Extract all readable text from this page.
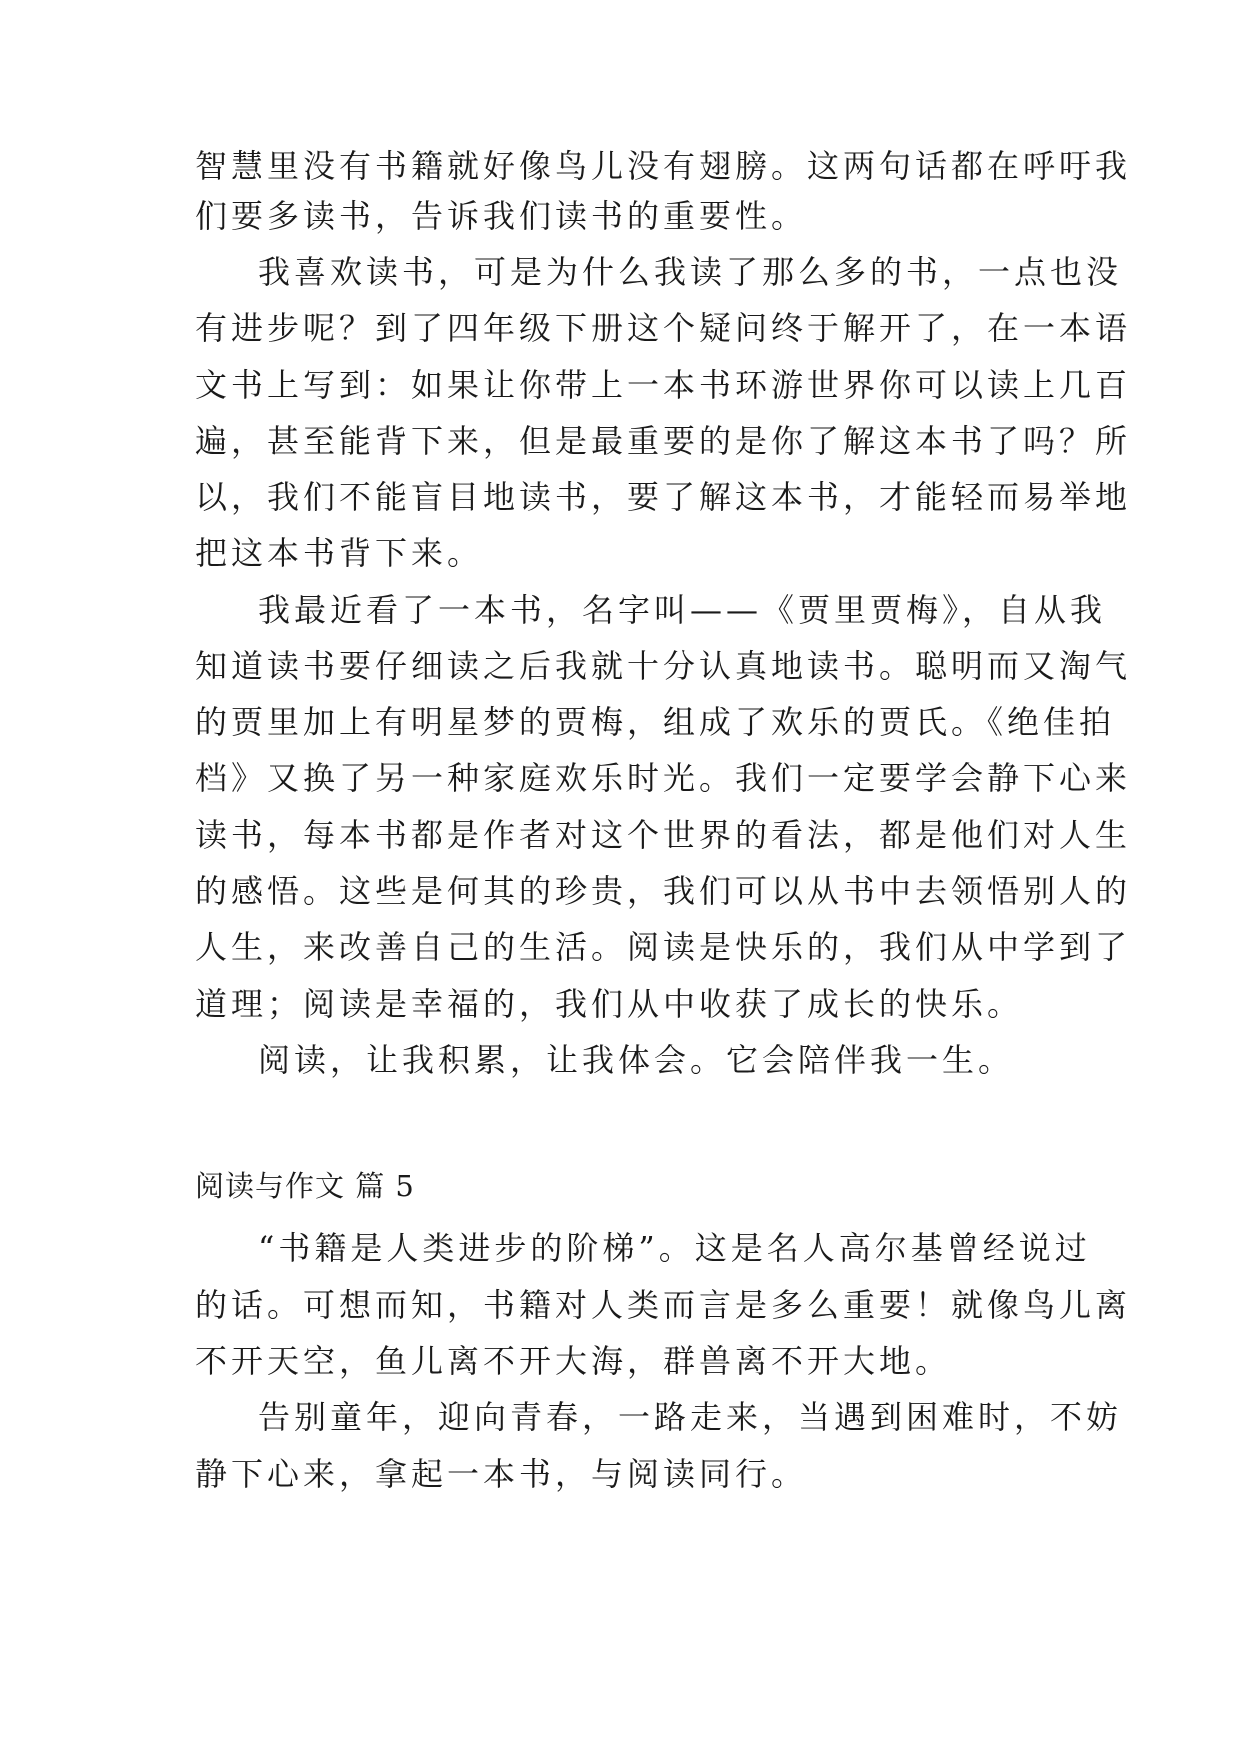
智慧里没有书籍就好像鸟儿没有翅膀。这两句话都在呼吁我
们要多读书，告诉我们读书的重要性。
我喜欢读书，可是为什么我读了那么多的书，一点也没
有进步呢？到了四年级下册这个疑问终于解开了，在一本语
文书上写到：如果让你带上一本书环游世界你可以读上几百
遍，甚至能背下来，但是最重要的是你了解这本书了吗？所
以，我们不能盲目地读书，要了解这本书，才能轻而易举地
把这本书背下来。
我最近看了一本书，名字叫——《贾里贾梅》，自从我
知道读书要仔细读之后我就十分认真地读书。聪明而又淘气
的贾里加上有明星梦的贾梅，组成了欢乐的贾氏。《绝佳拍
档》又换了另一种家庭欢乐时光。我们一定要学会静下心来
读书，每本书都是作者对这个世界的看法，都是他们对人生
的感悟。这些是何其的珍贵，我们可以从书中去领悟别人的
人生，来改善自己的生活。阅读是快乐的，我们从中学到了
道理；阅读是幸福的，我们从中收获了成长的快乐。
阅读，让我积累，让我体会。它会陪伴我一生。
阅读与作文 篇 5
“书籍是人类进步的阶梯”。这是名人高尔基曾经说过
的话。可想而知，书籍对人类而言是多么重要！就像鸟儿离
不开天空，鱼儿离不开大海，群兽离不开大地。
告别童年，迎向青春，一路走来，当遇到困难时，不妨
静下心来，拿起一本书，与阅读同行。
